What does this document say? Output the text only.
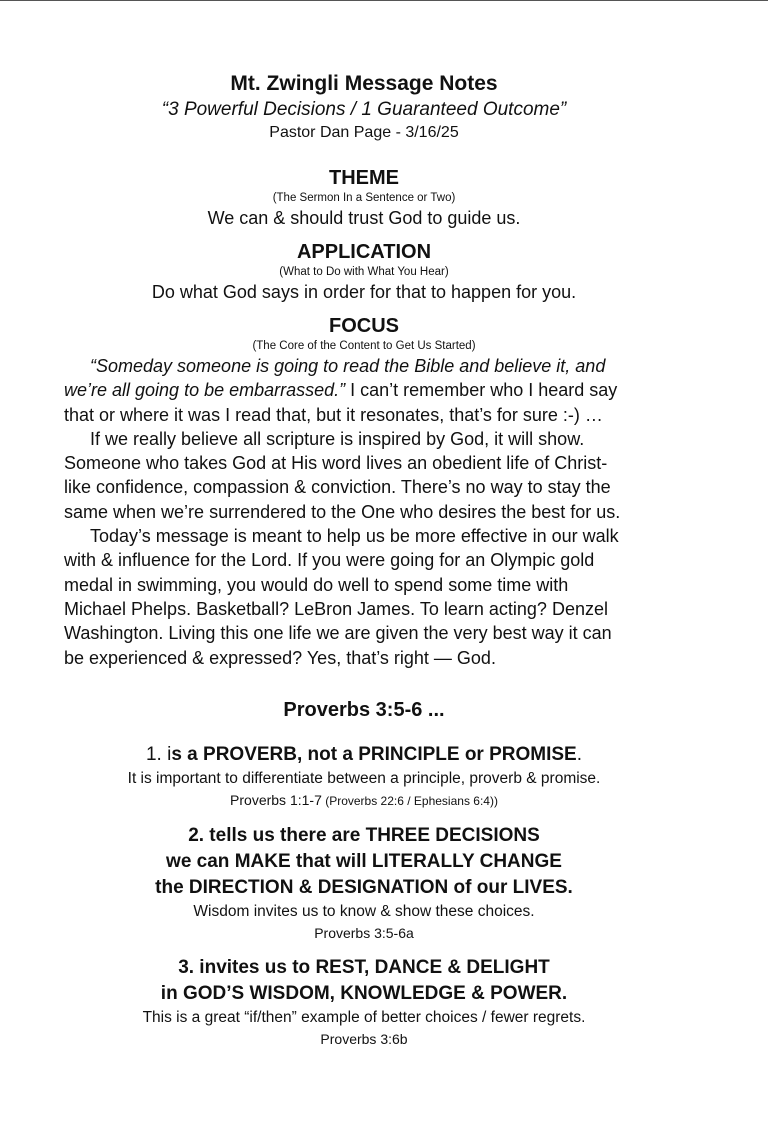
Mt. Zwingli Message Notes
“3 Powerful Decisions / 1 Guaranteed Outcome”
Pastor Dan Page - 3/16/25
THEME
(The Sermon In a Sentence or Two)
We can & should trust God to guide us.
APPLICATION
(What to Do with What You Hear)
Do what God says in order for that to happen for you.
FOCUS
(The Core of the Content to Get Us Started)

“Someday someone is going to read the Bible and believe it, and

we’re all going to be embarrassed.” I can’t remember who I heard say

that or where it was I read that, but it resonates, that’s for sure :-) …

If we really believe all scripture is inspired by God, it will show.

Someone who takes God at His word lives an obedient life of Christ-

like confidence, compassion & conviction. There’s no way to stay the

same when we’re surrendered to the One who desires the best for us.

Today’s message is meant to help us be more effective in our walk

with & influence for the Lord. If you were going for an Olympic gold

medal in swimming, you would do well to spend some time with

Michael Phelps. Basketball? LeBron James. To learn acting? Denzel

Washington. Living this one life we are given the very best way it can

be experienced & expressed? Yes, that’s right — God.

Proverbs 3:5-6 ...
1. is a PROVERB, not a PRINCIPLE or PROMISE.
It is important to differentiate between a principle, proverb & promise.
Proverbs 1:1-7 (Proverbs 22:6 / Ephesians 6:4))
2. tells us there are THREE DECISIONS
we can MAKE that will LITERALLY CHANGE
the DIRECTION & DESIGNATION of our LIVES.
Wisdom invites us to know & show these choices.
Proverbs 3:5-6a
3. invites us to REST, DANCE & DELIGHT
in GOD’S WISDOM, KNOWLEDGE & POWER.
This is a great “if/then” example of better choices / fewer regrets.
Proverbs 3:6b
